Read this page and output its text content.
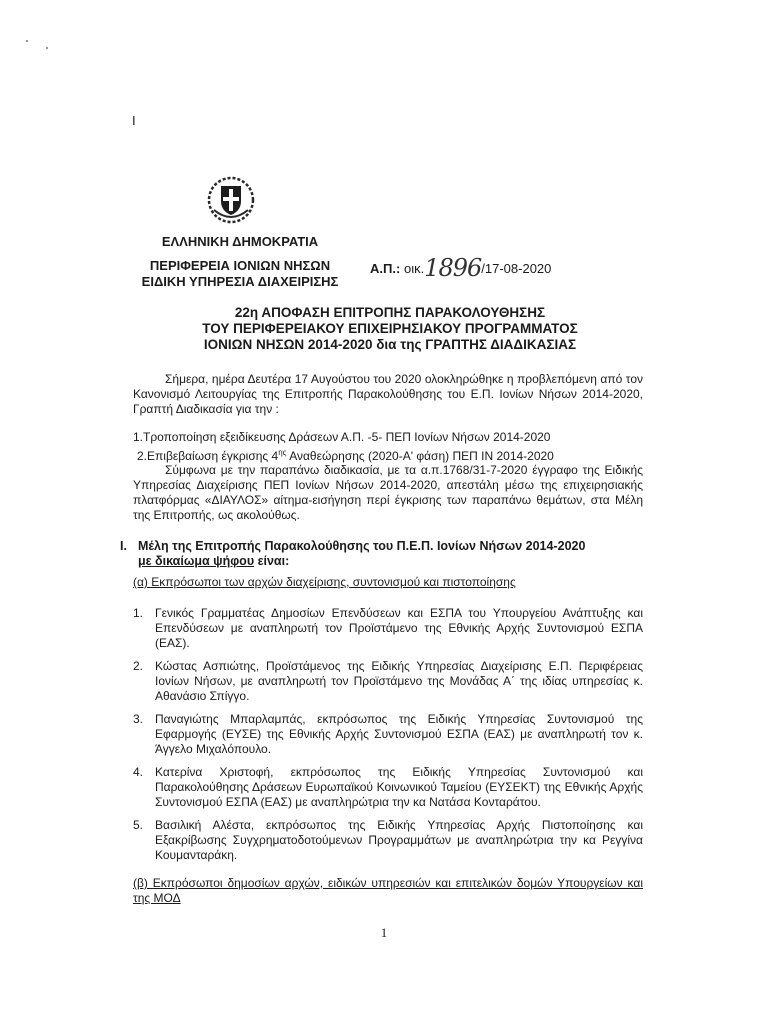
I
ΕΛΛΗΝΙΚΗ ΔΗΜΟΚΡΑΤΙΑ
ΠΕΡΙΦΕΡΕΙΑ ΙΟΝΙΩΝ ΝΗΣΩΝ
ΕΙΔΙΚΗ ΥΠΗΡΕΣΙΑ ΔΙΑΧΕΙΡΙΣΗΣ
Α.Π.: οικ.1896/17-08-2020
22η ΑΠΟΦΑΣΗ ΕΠΙΤΡΟΠΗΣ ΠΑΡΑΚΟΛΟΥΘΗΣΗΣ
ΤΟΥ ΠΕΡΙΦΕΡΕΙΑΚΟΥ ΕΠΙΧΕΙΡΗΣΙΑΚΟΥ ΠΡΟΓΡΑΜΜΑΤΟΣ
ΙΟΝΙΩΝ ΝΗΣΩΝ 2014-2020 δια της ΓΡΑΠΤΗΣ ΔΙΑΔΙΚΑΣΙΑΣ
Σήμερα, ημέρα Δευτέρα 17 Αυγούστου του 2020 ολοκληρώθηκε η προβλεπόμενη από τον Κανονισμό Λειτουργίας της Επιτροπής Παρακολούθησης του Ε.Π. Ιονίων Νήσων 2014-2020, Γραπτή Διαδικασία για την :
1.Τροποποίηση εξειδίκευσης Δράσεων Α.Π. -5- ΠΕΠ Ιονίων Νήσων 2014-2020
2.Επιβεβαίωση έγκρισης $4^{\eta\varsigma}$ Αναθεώρησης (2020-Α' φάση) ΠΕΠ ΙΝ 2014-2020
Σύμφωνα με την παραπάνω διαδικασία, με τα α.π.1768/31-7-2020 έγγραφο της Ειδικής Υπηρεσίας Διαχείρισης ΠΕΠ Ιονίων Νήσων 2014-2020, απεστάλη μέσω της επιχειρησιακής πλατφόρμας «ΔΙΑΥΛΟΣ» αίτημα-εισήγηση περί έγκρισης των παραπάνω θεμάτων, στα Μέλη της Επιτροπής, ως ακολούθως.
Ι. Μέλη της Επιτροπής Παρακολούθησης του Π.Ε.Π. Ιονίων Νήσων 2014-2020
με δικαίωμα ψήφου είναι:
(α) Εκπρόσωποι των αρχών διαχείρισης, συντονισμού και πιστοποίησης
1. Γενικός Γραμματέας Δημοσίων Επενδύσεων και ΕΣΠΑ του Υπουργείου Ανάπτυξης και Επενδύσεων με αναπληρωτή τον Προϊστάμενο της Εθνικής Αρχής Συντονισμού ΕΣΠΑ (ΕΑΣ).
2. Κώστας Ασπιώτης, Προϊστάμενος της Ειδικής Υπηρεσίας Διαχείρισης Ε.Π. Περιφέρειας Ιονίων Νήσων, με αναπληρωτή τον Προϊστάμενο της Μονάδας Α΄ της ιδίας υπηρεσίας κ. Αθανάσιο Σπίγγο.
3. Παναγιώτης Μπαρλαμπάς, εκπρόσωπος της Ειδικής Υπηρεσίας Συντονισμού της Εφαρμογής (ΕΥΣΕ) της Εθνικής Αρχής Συντονισμού ΕΣΠΑ (ΕΑΣ) με αναπληρωτή τον κ. Άγγελο Μιχαλόπουλο.
4. Κατερίνα Χριστοφή, εκπρόσωπος της Ειδικής Υπηρεσίας Συντονισμού και Παρακολούθησης Δράσεων Ευρωπαϊκού Κοινωνικού Ταμείου (ΕΥΣΕΚΤ) της Εθνικής Αρχής Συντονισμού ΕΣΠΑ (ΕΑΣ) με αναπληρώτρια την κα Νατάσα Κονταράτου.
5. Βασιλική Αλέστα, εκπρόσωπος της Ειδικής Υπηρεσίας Αρχής Πιστοποίησης και Εξακρίβωσης Συγχρηματοδοτούμενων Προγραμμάτων με αναπληρώτρια την κα Ρεγγίνα Κουμανταράκη.
(β) Εκπρόσωποι δημοσίων αρχών, ειδικών υπηρεσιών και επιτελικών δομών Υπουργείων και της ΜΟΔ
1
